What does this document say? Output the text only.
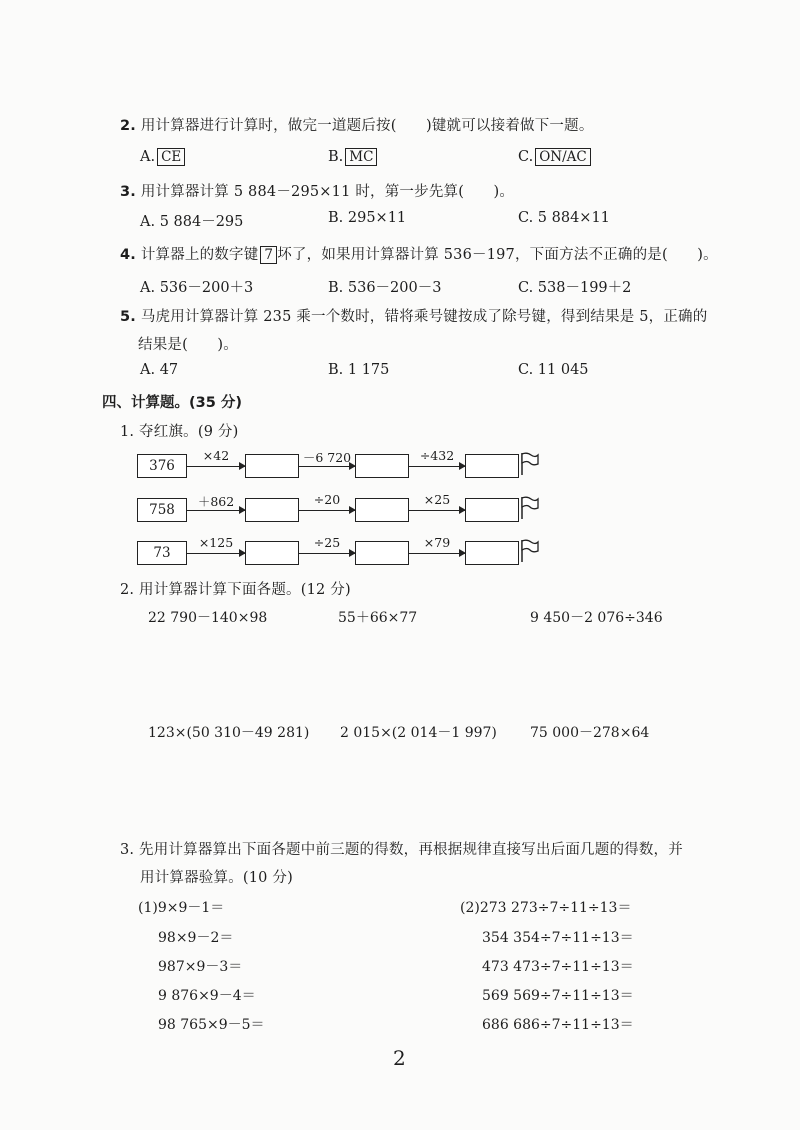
2. 用计算器进行计算时，做完一道题后按(　　)键就可以接着做下一题。
A. CE	B. MC	C. ON/AC
3. 用计算器计算 5 884－295×11 时，第一步先算(　　)。
A. 5 884－295	B. 295×11	C. 5 884×11
4. 计算器上的数字键 7 坏了，如果用计算器计算 536－197，下面方法不正确的是(　　)。
A. 536－200＋3	B. 536－200－3	C. 538－199＋2
5. 马虎用计算器计算 235 乘一个数时，错将乘号键按成了除号键，得到结果是 5，正确的
结果是(　　)。
A. 47	B. 1 175	C. 11 045
四、计算题。(35 分)
1. 夺红旗。(9 分)
376
×42	－6 720	÷432
758
＋862	÷20	×25
73
×125	÷25	×79
2. 用计算器计算下面各题。(12 分)
22 790－140×98	55＋66×77	9 450－2 076÷346
123×(50 310－49 281) 2 015×(2 014－1 997) 75 000－278×64
3. 先用计算器算出下面各题中前三题的得数，再根据规律直接写出后面几题的得数，并
用计算器验算。(10 分)
(1)9×9－1＝
98×9－2＝
987×9－3＝
9 876×9－4＝
98 765×9－5＝
(2)273 273÷7÷11÷13＝
354 354÷7÷11÷13＝
473 473÷7÷11÷13＝
569 569÷7÷11÷13＝
686 686÷7÷11÷13＝
2
